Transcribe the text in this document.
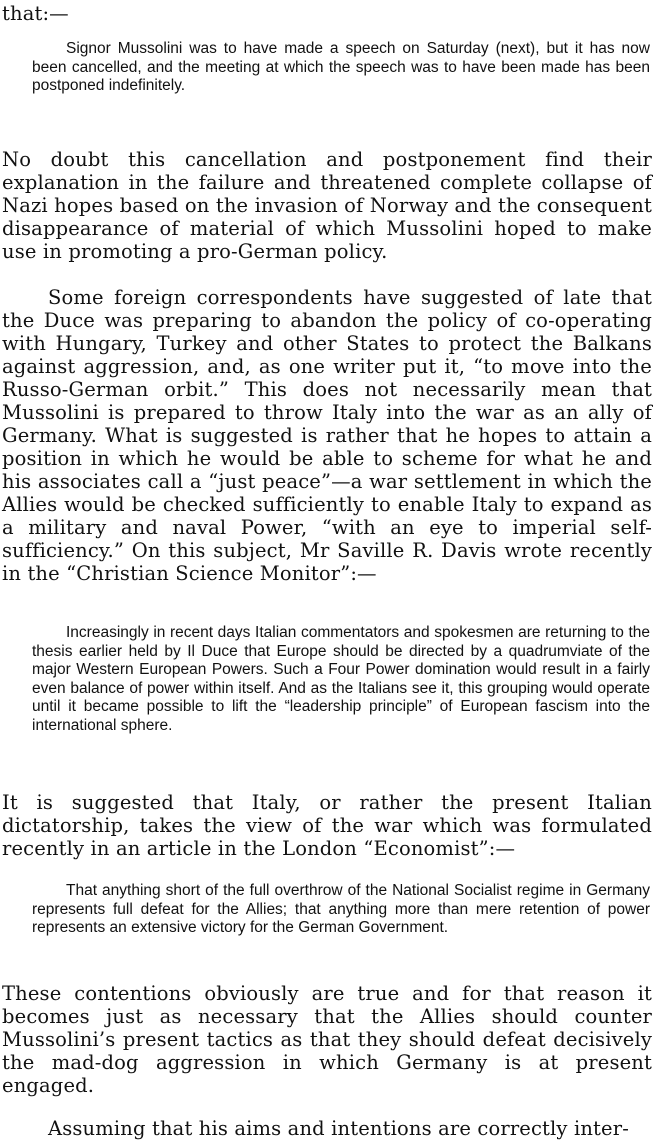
that:—

Signor Mussolini was to have made a speech on Saturday (next), but it has now been cancelled, and the meeting at which the speech was to have been made has been postponed indefinitely.

No doubt this cancellation and postponement find their explanation in the failure and threatened complete collapse of Nazi hopes based on the invasion of Norway and the consequent disappearance of material of which Mussolini hoped to make use in promoting a pro-German policy.

Some foreign correspondents have suggested of late that the Duce was preparing to abandon the policy of co-operating with Hungary, Turkey and other States to protect the Balkans against aggression, and, as one writer put it, “to move into the Russo-German orbit.” This does not necessarily mean that Mussolini is prepared to throw Italy into the war as an ally of Germany. What is suggested is rather that he hopes to attain a position in which he would be able to scheme for what he and his associates call a “just peace”—a war settlement in which the Allies would be checked sufficiently to enable Italy to expand as a military and naval Power, “with an eye to imperial self-sufficiency.” On this subject, Mr Saville R. Davis wrote recently in the “Christian Science Monitor”:—

Increasingly in recent days Italian commentators and spokesmen are returning to the thesis earlier held by Il Duce that Europe should be directed by a quadrumviate of the major Western European Powers. Such a Four Power domination would result in a fairly even balance of power within itself. And as the Italians see it, this grouping would operate until it became possible to lift the “leadership principle” of European fascism into the international sphere.

It is suggested that Italy, or rather the present Italian dictatorship, takes the view of the war which was formulated recently in an article in the London “Economist”:—

That anything short of the full overthrow of the National Socialist regime in Germany represents full defeat for the Allies; that anything more than mere retention of power represents an extensive victory for the German Government.

These contentions obviously are true and for that reason it becomes just as necessary that the Allies should counter Mussolini’s present tactics as that they should defeat decisively the mad-dog aggression in which Germany is at present engaged.

Assuming that his aims and intentions are correctly inter-
